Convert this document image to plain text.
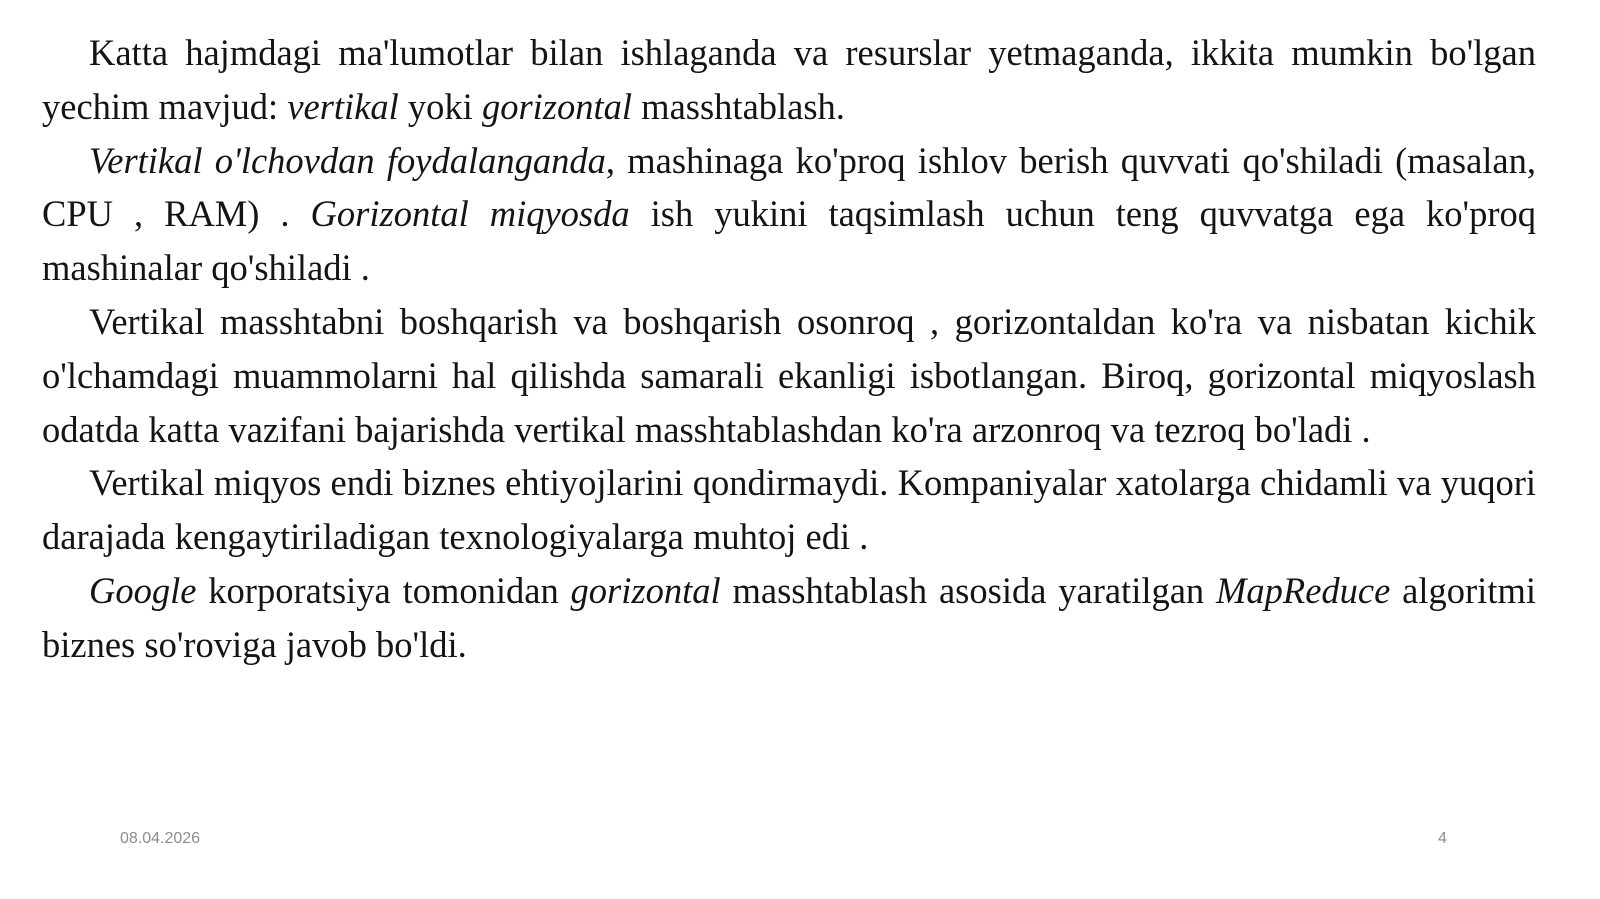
Katta hajmdagi ma'lumotlar bilan ishlaganda va resurslar yetmaganda, ikkita mumkin bo'lgan yechim mavjud: vertikal yoki gorizontal masshtablash.

Vertikal o'lchovdan foydalanganda, mashinaga ko'proq ishlov berish quvvati qo'shiladi (masalan, CPU , RAM) . Gorizontal miqyosda ish yukini taqsimlash uchun teng quvvatga ega ko'proq mashinalar qo'shiladi .

Vertikal masshtabni boshqarish va boshqarish osonroq , gorizontaldan ko'ra va nisbatan kichik o'lchamdagi muammolarni hal qilishda samarali ekanligi isbotlangan. Biroq, gorizontal miqyoslash odatda katta vazifani bajarishda vertikal masshtablashdan ko'ra arzonroq va tezroq bo'ladi .

Vertikal miqyos endi biznes ehtiyojlarini qondirmaydi. Kompaniyalar xatolarga chidamli va yuqori darajada kengaytiriladigan texnologiyalarga muhtoj edi .

Google korporatsiya tomonidan gorizontal masshtablash asosida yaratilgan MapReduce algoritmi biznes so'roviga javob bo'ldi.

08.04.2026	4
